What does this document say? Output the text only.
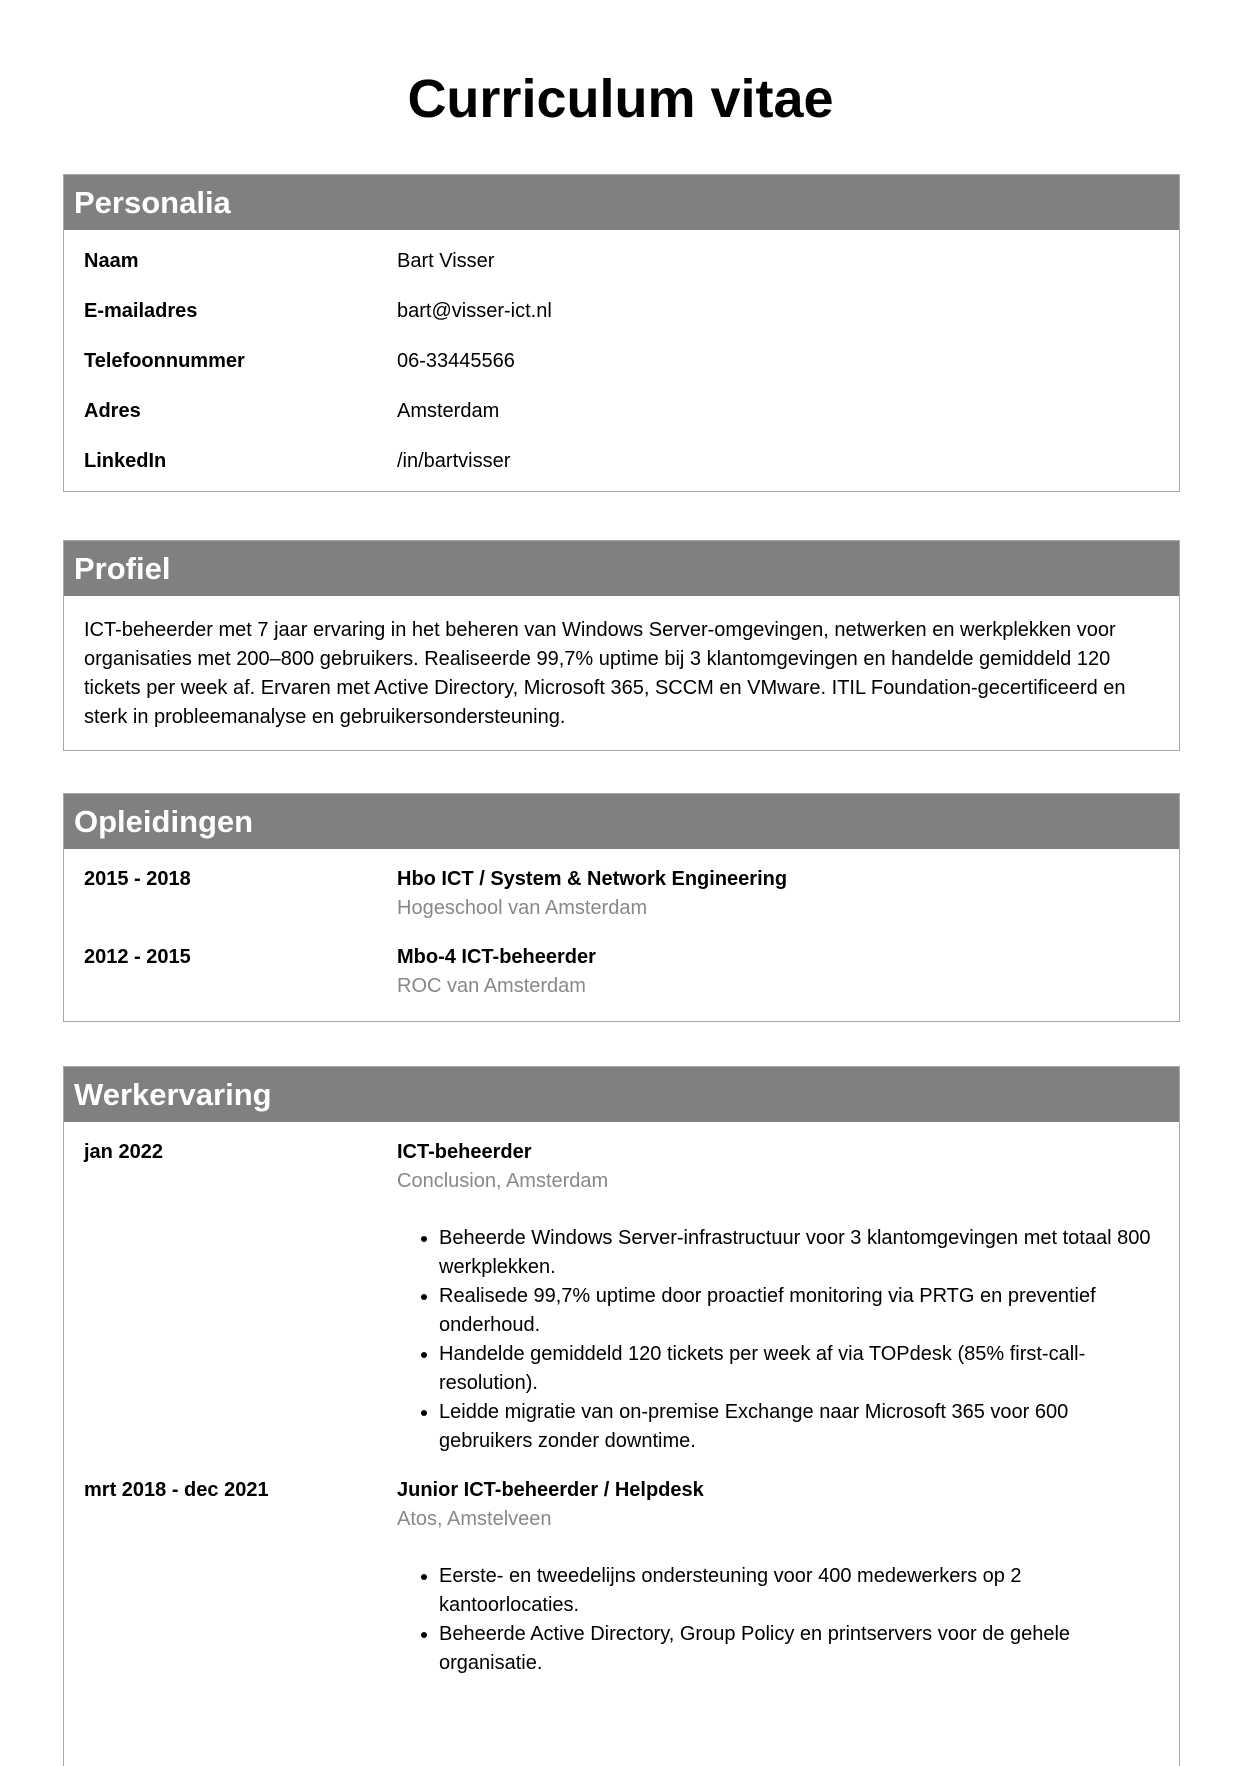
Curriculum vitae
Personalia
Naam	Bart Visser
E-mailadres	bart@visser-ict.nl
Telefoonnummer	06-33445566
Adres	Amsterdam
LinkedIn	/in/bartvisser
Profiel
ICT-beheerder met 7 jaar ervaring in het beheren van Windows Server-omgevingen, netwerken en werkplekken voor organisaties met 200–800 gebruikers. Realiseerde 99,7% uptime bij 3 klantomgevingen en handelde gemiddeld 120 tickets per week af. Ervaren met Active Directory, Microsoft 365, SCCM en VMware. ITIL Foundation-gecertificeerd en sterk in probleemanalyse en gebruikersondersteuning.
Opleidingen
2015 - 2018	Hbo ICT / System & Network Engineering
Hogeschool van Amsterdam
2012 - 2015	Mbo-4 ICT-beheerder
ROC van Amsterdam
Werkervaring
jan 2022	ICT-beheerder
Conclusion, Amsterdam
• Beheerde Windows Server-infrastructuur voor 3 klantomgevingen met totaal 800 werkplekken.
• Realisede 99,7% uptime door proactief monitoring via PRTG en preventief onderhoud.
• Handelde gemiddeld 120 tickets per week af via TOPdesk (85% first-call-resolution).
• Leidde migratie van on-premise Exchange naar Microsoft 365 voor 600 gebruikers zonder downtime.
mrt 2018 - dec 2021	Junior ICT-beheerder / Helpdesk
Atos, Amstelveen
• Eerste- en tweedelijns ondersteuning voor 400 medewerkers op 2 kantoorlocaties.
• Beheerde Active Directory, Group Policy en printservers voor de gehele organisatie.
